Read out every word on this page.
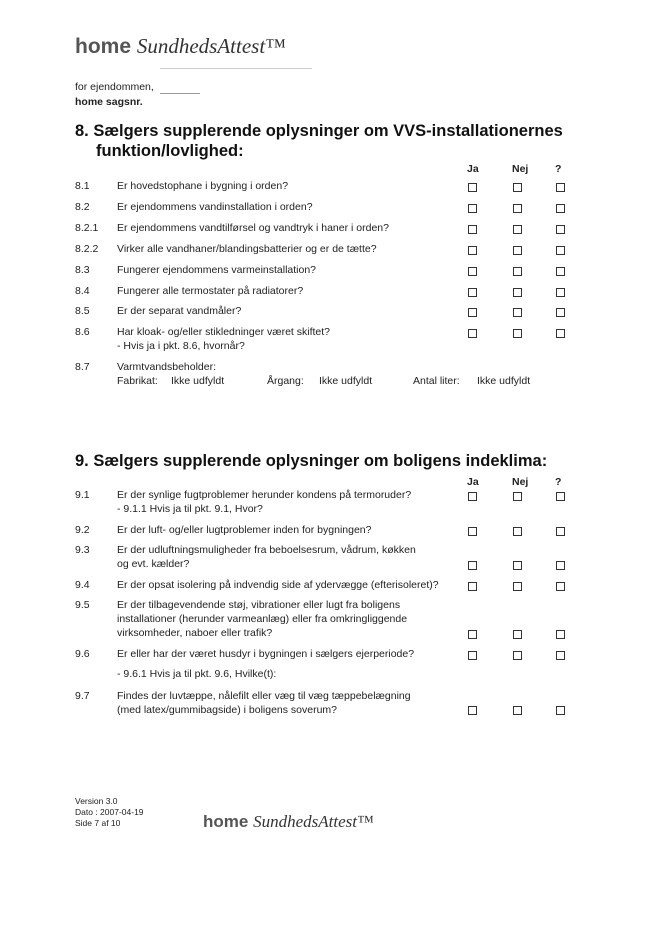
home SundhedsAttest™
for ejendommen,
home sagsnr.
8. Sælgers supplerende oplysninger om VVS-installationernes
funktion/lovlighed:
9. Sælgers supplerende oplysninger om boligens indeklima:
Version 3.0
Dato : 2007-04-19
Side 7 af 10	home SundhedsAttest™
Ja	Nej	?
8.1	Er hovedstophane i bygning i orden?
8.2	Er ejendommens vandinstallation i orden?
8.2.1 Er ejendommens vandtilførsel og vandtryk i haner i orden?
8.2.2 Virker alle vandhaner/blandingsbatterier og er de tætte?
8.3	Fungerer ejendommens varmeinstallation?
8.4	Fungerer alle termostater på radiatorer?
8.5	Er der separat vandmåler?
8.6	Har kloak- og/eller stikledninger været skiftet?
- Hvis ja i pkt. 8.6, hvornår?
8.7	Varmtvandsbeholder:
Fabrikat:	Ikke udfyldt	Årgang:	Ikke udfyldt	Antal liter:	Ikke udfyldt
Ja	Nej	?
9.1	Er der synlige fugtproblemer herunder kondens på termoruder?
- 9.1.1 Hvis ja til pkt. 9.1, Hvor?
9.2	Er der luft- og/eller lugtproblemer inden for bygningen?
9.3	Er der udluftningsmuligheder fra beboelsesrum, vådrum, køkken
og evt. kælder?
9.4	Er der opsat isolering på indvendig side af ydervægge (efterisoleret)?
9.5	Er der tilbagevendende støj, vibrationer eller lugt fra boligens
installationer (herunder varmeanlæg) eller fra omkringliggende
virksomheder, naboer eller trafik?
9.6	Er eller har der været husdyr i bygningen i sælgers ejerperiode?
- 9.6.1 Hvis ja til pkt. 9.6, Hvilke(t):
9.7	Findes der luvtæppe, nålefilt eller væg til væg tæppebelægning
(med latex/gummibagside) i boligens soverum?
